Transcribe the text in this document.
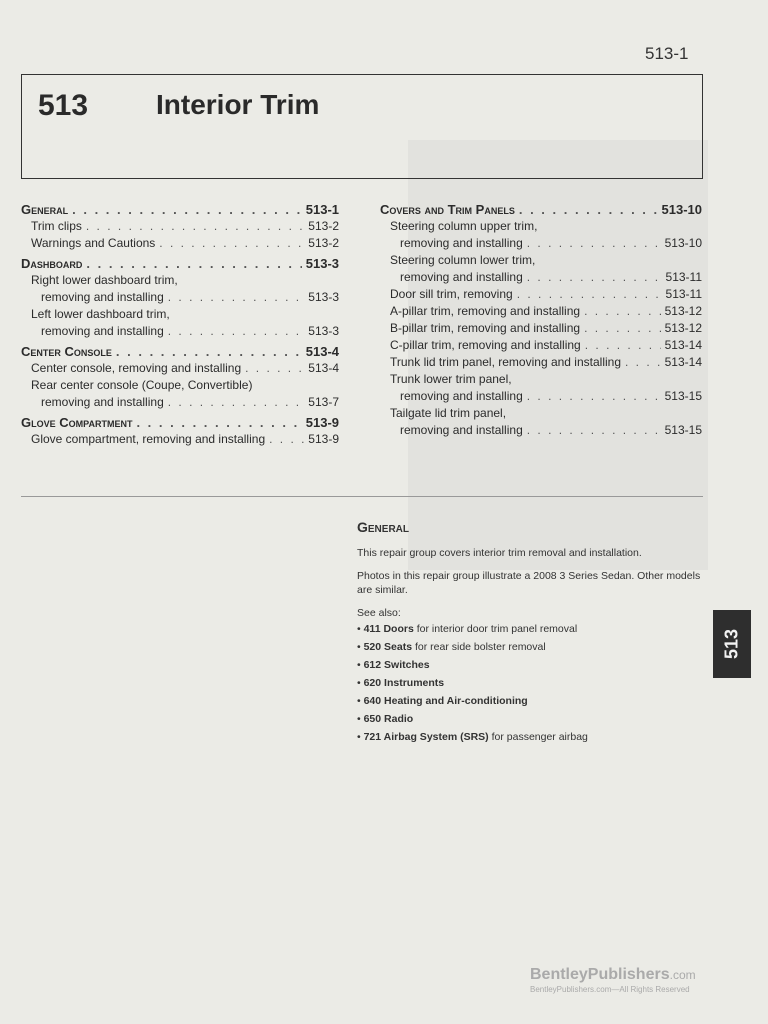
513-1
513 Interior Trim
General . . .	513-1
Trim clips . . .	513-2
Warnings and Cautions . . .	513-2
Dashboard . . .	513-3
Right lower dashboard trim,
removing and installing . . .	513-3
Left lower dashboard trim,
removing and installing . . .	513-3
Center Console . . .	513-4
Center console, removing and installing . . .	513-4
Rear center console (Coupe, Convertible)
removing and installing . . .	513-7
Glove Compartment . . .	513-9
Glove compartment, removing and installing . . .	513-9
Covers and Trim Panels . . .	513-10
Steering column upper trim,
removing and installing . . .	513-10
Steering column lower trim,
removing and installing . . .	513-11
Door sill trim, removing . . .	513-11
A-pillar trim, removing and installing . . .	513-12
B-pillar trim, removing and installing . . .	513-12
C-pillar trim, removing and installing . . .	513-14
Trunk lid trim panel, removing and installing . . .	513-14
Trunk lower trim panel,
removing and installing . . .	513-15
Tailgate lid trim panel,
removing and installing . . .	513-15
513
General

This repair group covers interior trim removal and installation.

Photos in this repair group illustrate a 2008 3 Series Sedan. Other models are similar.

See also:
• 411 Doors for interior door trim panel removal
• 520 Seats for rear side bolster removal
• 612 Switches
• 620 Instruments
• 640 Heating and Air-conditioning
• 650 Radio
• 721 Airbag System (SRS) for passenger airbag
BentleyPublishers.com
BentleyPublishers.com—All Rights Reserved
